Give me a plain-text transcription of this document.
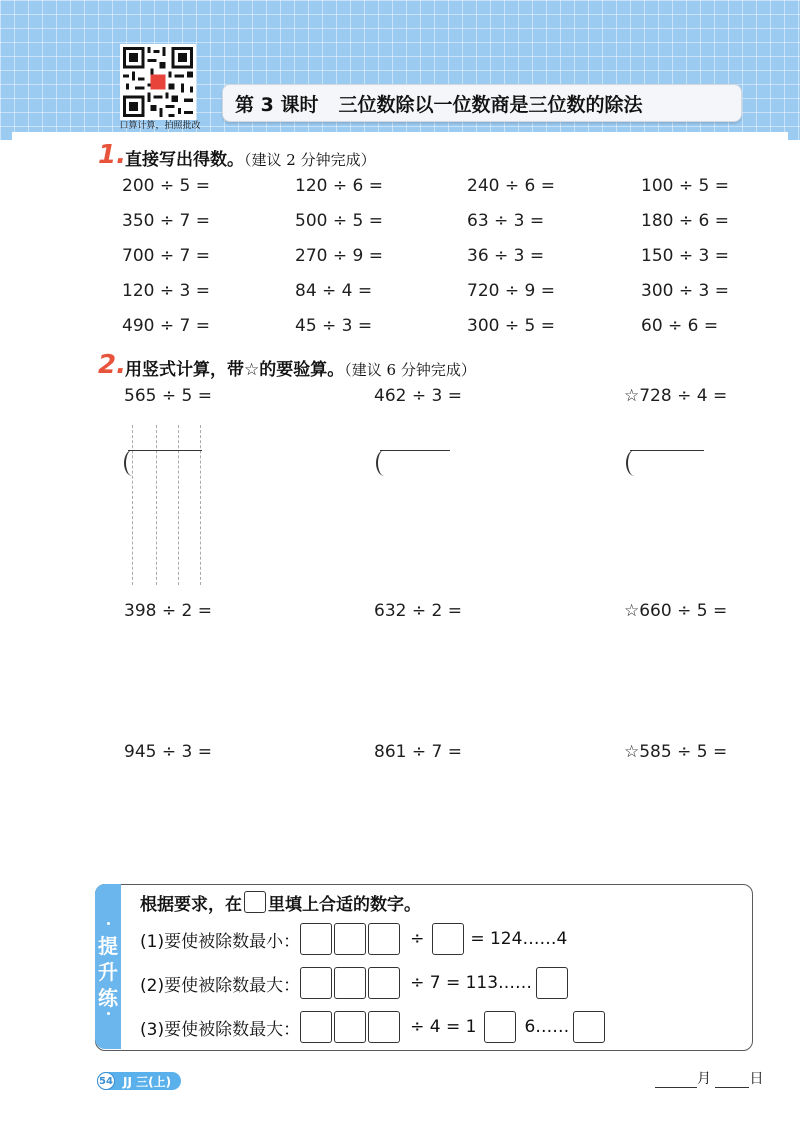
口算计算，拍照批改
第 3 课时 三位数除以一位数商是三位数的除法
1. 直接写出得数。（建议 2 分钟完成）
200 ÷ 5 =	120 ÷ 6 =	240 ÷ 6 =	100 ÷ 5 =
350 ÷ 7 =	500 ÷ 5 =	63 ÷ 3 =	180 ÷ 6 =
700 ÷ 7 =	270 ÷ 9 =	36 ÷ 3 =	150 ÷ 3 =
120 ÷ 3 =	84 ÷ 4 =	720 ÷ 9 =	300 ÷ 3 =
490 ÷ 7 =	45 ÷ 3 =	300 ÷ 5 =	60 ÷ 6 =
2. 用竖式计算，带☆的要验算。（建议 6 分钟完成）
565 ÷ 5 =	462 ÷ 3 =	☆728 ÷ 4 =
398 ÷ 2 =	632 ÷ 2 =	☆660 ÷ 5 =
945 ÷ 3 =	861 ÷ 7 =	☆585 ÷ 5 =
提
升
练
根据要求，在 里填上合适的数字。
(1)要使被除数最小：	÷	= 124……4
(2)要使被除数最大：	÷ 7 = 113……
(3)要使被除数最大：	÷ 4 = 1	6……
54 JJ 三(上)	月	日
